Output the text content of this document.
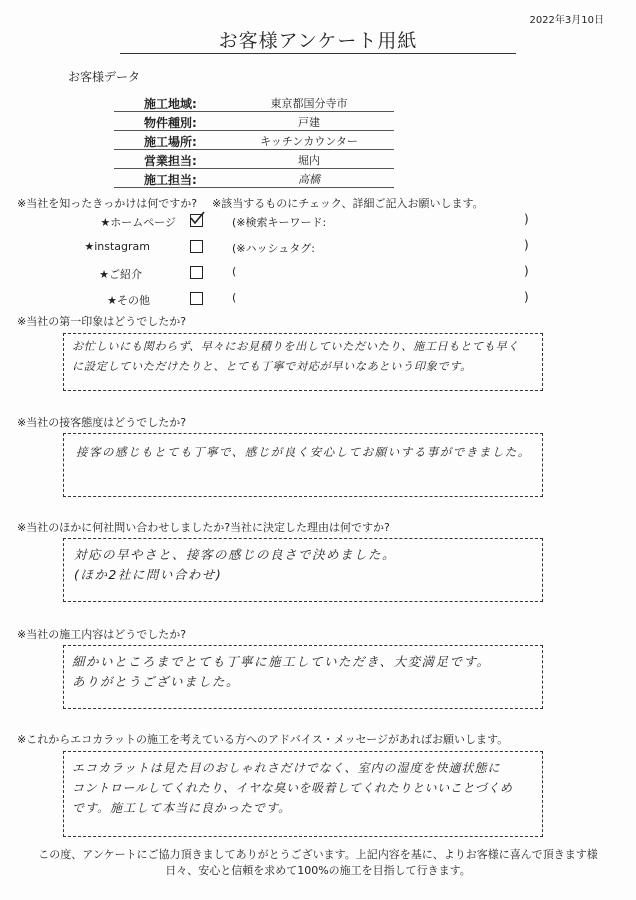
2022年3月10日
お客様アンケート用紙
お客様データ
施工地域:	東京都国分寺市
物件種別:	戸建
施工場所:	キッチンカウンター
営業担当:	堀内
施工担当:	高橋
※当社を知ったきっかけは何ですか? ※該当するものにチェック、詳細ご記入お願いします。
★ホームページ	(※検索キーワード:	)
★instagram	(※ハッシュタグ:	)
★ご紹介	(	)
★その他	(	)
※当社の第一印象はどうでしたか?
お忙しいにも関わらず、早々にお見積りを出していただいたり、施工日もとても早く
に設定していただけたりと、とても丁寧で対応が早いなあという印象です。
※当社の接客態度はどうでしたか?
接客の感じもとても丁寧で、感じが良く安心してお願いする事ができました。
※当社のほかに何社問い合わせしましたか?当社に決定した理由は何ですか?
対応の早やさと、接客の感じの良さで決めました。
(ほか2社に問い合わせ)
※当社の施工内容はどうでしたか?
細かいところまでとても丁寧に施工していただき、大変満足です。
ありがとうございました。
※これからエコカラットの施工を考えている方へのアドバイス・メッセージがあればお願いします。
エコカラットは見た目のおしゃれさだけでなく、室内の湿度を快適状態に
コントロールしてくれたり、イヤな臭いを吸着してくれたりといいことづくめ
です。施工して本当に良かったです。
この度、アンケートにご協力頂きましてありがとうございます。上記内容を基に、よりお客様に喜んで頂きます様
日々、安心と信頼を求めて100%の施工を目指して行きます。
